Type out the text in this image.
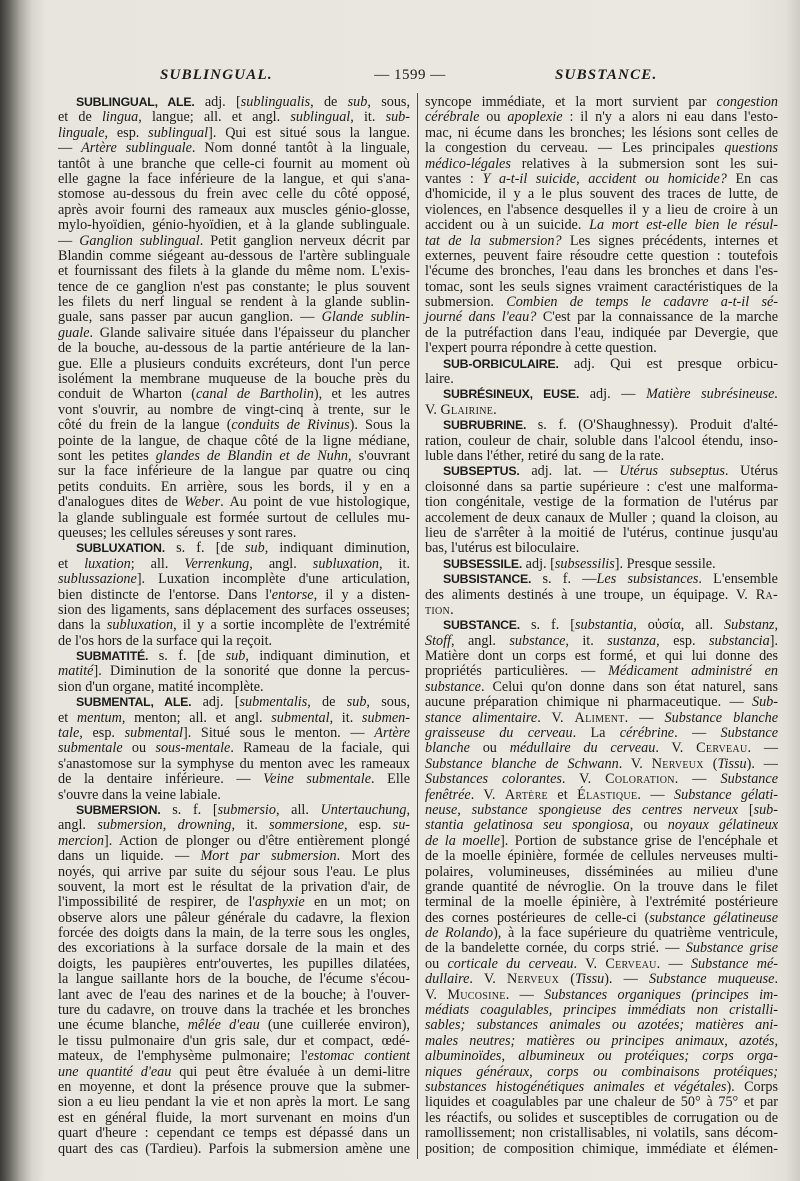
SUBLINGUAL.	— 1599 —	SUBSTANCE.
SUBLINGUAL, ALE. adj. [sublingualis, de sub, sous,
et de lingua, langue; all. et angl. sublingual, it. sub-
linguale, esp. sublingual]. Qui est situé sous la langue.
— Artère sublinguale. Nom donné tantôt à la linguale,
tantôt à une branche que celle-ci fournit au moment où
elle gagne la face inférieure de la langue, et qui s'ana-
stomose au-dessous du frein avec celle du côté opposé,
après avoir fourni des rameaux aux muscles génio-glosse,
mylo-hyoïdien, génio-hyoïdien, et à la glande sublinguale.
— Ganglion sublingual. Petit ganglion nerveux décrit par
Blandin comme siégeant au-dessous de l'artère sublinguale
et fournissant des filets à la glande du même nom. L'exis-
tence de ce ganglion n'est pas constante; le plus souvent
les filets du nerf lingual se rendent à la glande sublin-
guale, sans passer par aucun ganglion. — Glande sublin-
guale. Glande salivaire située dans l'épaisseur du plancher
de la bouche, au-dessous de la partie antérieure de la lan-
gue. Elle a plusieurs conduits excréteurs, dont l'un perce
isolément la membrane muqueuse de la bouche près du
conduit de Wharton (canal de Bartholin), et les autres
vont s'ouvrir, au nombre de vingt-cinq à trente, sur le
côté du frein de la langue (conduits de Rivinus). Sous la
pointe de la langue, de chaque côté de la ligne médiane,
sont les petites glandes de Blandin et de Nuhn, s'ouvrant
sur la face inférieure de la langue par quatre ou cinq
petits conduits. En arrière, sous les bords, il y en a
d'analogues dites de Weber. Au point de vue histologique,
la glande sublinguale est formée surtout de cellules mu-
queuses; les cellules séreuses y sont rares.
SUBLUXATION. s. f. [de sub, indiquant diminution,
et luxation; all. Verrenkung, angl. subluxation, it.
sublussazione]. Luxation incomplète d'une articulation,
bien distincte de l'entorse. Dans l'entorse, il y a disten-
sion des ligaments, sans déplacement des surfaces osseuses;
dans la subluxation, il y a sortie incomplète de l'extrémité
de l'os hors de la surface qui la reçoit.
SUBMATITÉ. s. f. [de sub, indiquant diminution, et
matité]. Diminution de la sonorité que donne la percus-
sion d'un organe, matité incomplète.
SUBMENTAL, ALE. adj. [submentalis, de sub, sous,
et mentum, menton; all. et angl. submental, it. submen-
tale, esp. submental]. Situé sous le menton. — Artère
submentale ou sous-mentale. Rameau de la faciale, qui
s'anastomose sur la symphyse du menton avec les rameaux
de la dentaire inférieure. — Veine submentale. Elle
s'ouvre dans la veine labiale.
SUBMERSION. s. f. [submersio, all. Untertauchung,
angl. submersion, drowning, it. sommersione, esp. su-
mercion]. Action de plonger ou d'être entièrement plongé
dans un liquide. — Mort par submersion. Mort des
noyés, qui arrive par suite du séjour sous l'eau. Le plus
souvent, la mort est le résultat de la privation d'air, de
l'impossibilité de respirer, de l'asphyxie en un mot; on
observe alors une pâleur générale du cadavre, la flexion
forcée des doigts dans la main, de la terre sous les ongles,
des excoriations à la surface dorsale de la main et des
doigts, les paupières entr'ouvertes, les pupilles dilatées,
la langue saillante hors de la bouche, de l'écume s'écou-
lant avec de l'eau des narines et de la bouche; à l'ouver-
ture du cadavre, on trouve dans la trachée et les bronches
une écume blanche, mêlée d'eau (une cuillerée environ),
le tissu pulmonaire d'un gris sale, dur et compact, œdé-
mateux, de l'emphysème pulmonaire; l'estomac contient
une quantité d'eau qui peut être évaluée à un demi-litre
en moyenne, et dont la présence prouve que la submer-
sion a eu lieu pendant la vie et non après la mort. Le sang
est en général fluide, la mort survenant en moins d'un
quart d'heure : cependant ce temps est dépassé dans un
quart des cas (Tardieu). Parfois la submersion amène une
syncope immédiate, et la mort survient par congestion
cérébrale ou apoplexie : il n'y a alors ni eau dans l'esto-
mac, ni écume dans les bronches; les lésions sont celles de
la congestion du cerveau. — Les principales questions
médico-légales relatives à la submersion sont les sui-
vantes : Y a-t-il suicide, accident ou homicide? En cas
d'homicide, il y a le plus souvent des traces de lutte, de
violences, en l'absence desquelles il y a lieu de croire à un
accident ou à un suicide. La mort est-elle bien le résul-
tat de la submersion? Les signes précédents, internes et
externes, peuvent faire résoudre cette question : toutefois
l'écume des bronches, l'eau dans les bronches et dans l'es-
tomac, sont les seuls signes vraiment caractéristiques de la
submersion. Combien de temps le cadavre a-t-il sé-
journé dans l'eau? C'est par la connaissance de la marche
de la putréfaction dans l'eau, indiquée par Devergie, que
l'expert pourra répondre à cette question.
SUB-ORBICULAIRE. adj. Qui est presque orbicu-
laire.
SUBRÉSINEUX, EUSE. adj. — Matière subrésineuse.
V. Glairine.
SUBRUBRINE. s. f. (O'Shaughnessy). Produit d'alté-
ration, couleur de chair, soluble dans l'alcool étendu, inso-
luble dans l'éther, retiré du sang de la rate.
SUBSEPTUS. adj. lat. — Utérus subseptus. Utérus
cloisonné dans sa partie supérieure : c'est une malforma-
tion congénitale, vestige de la formation de l'utérus par
accolement de deux canaux de Muller ; quand la cloison, au
lieu de s'arrêter à la moitié de l'utérus, continue jusqu'au
bas, l'utérus est biloculaire.
SUBSESSILE. adj. [subsessilis]. Presque sessile.
SUBSISTANCE. s. f. —Les subsistances. L'ensemble
des aliments destinés à une troupe, un équipage. V. Ra-
tion.
SUBSTANCE. s. f. [substantia, οὐσία, all. Substanz,
Stoff, angl. substance, it. sustanza, esp. substancia].
Matière dont un corps est formé, et qui lui donne des
propriétés particulières. — Médicament administré en
substance. Celui qu'on donne dans son état naturel, sans
aucune préparation chimique ni pharmaceutique. — Sub-
stance alimentaire. V. Aliment. — Substance blanche
graisseuse du cerveau. La cérébrine. — Substance
blanche ou médullaire du cerveau. V. Cerveau. —
Substance blanche de Schwann. V. Nerveux (Tissu). —
Substances colorantes. V. Coloration. — Substance
fenêtrée. V. Artère et Élastique. — Substance gélati-
neuse, substance spongieuse des centres nerveux [sub-
stantia gelatinosa seu spongiosa, ou noyaux gélatineux
de la moelle]. Portion de substance grise de l'encéphale et
de la moelle épinière, formée de cellules nerveuses multi-
polaires, volumineuses, disséminées au milieu d'une
grande quantité de névroglie. On la trouve dans le filet
terminal de la moelle épinière, à l'extrémité postérieure
des cornes postérieures de celle-ci (substance gélatineuse
de Rolando), à la face supérieure du quatrième ventricule,
de la bandelette cornée, du corps strié. — Substance grise
ou corticale du cerveau. V. Cerveau. — Substance mé-
dullaire. V. Nerveux (Tissu). — Substance muqueuse.
V. Mucosine. — Substances organiques (principes im-
médiats coagulables, principes immédiats non cristalli-
sables; substances animales ou azotées; matières ani-
males neutres; matières ou principes animaux, azotés,
albuminoïdes, albumineux ou protéiques; corps orga-
niques généraux, corps ou combinaisons protéiques;
substances histogénétiques animales et végétales). Corps
liquides et coagulables par une chaleur de 50° à 75° et par
les réactifs, ou solides et susceptibles de corrugation ou de
ramollissement; non cristallisables, ni volatils, sans décom-
position; de composition chimique, immédiate et élémen-
